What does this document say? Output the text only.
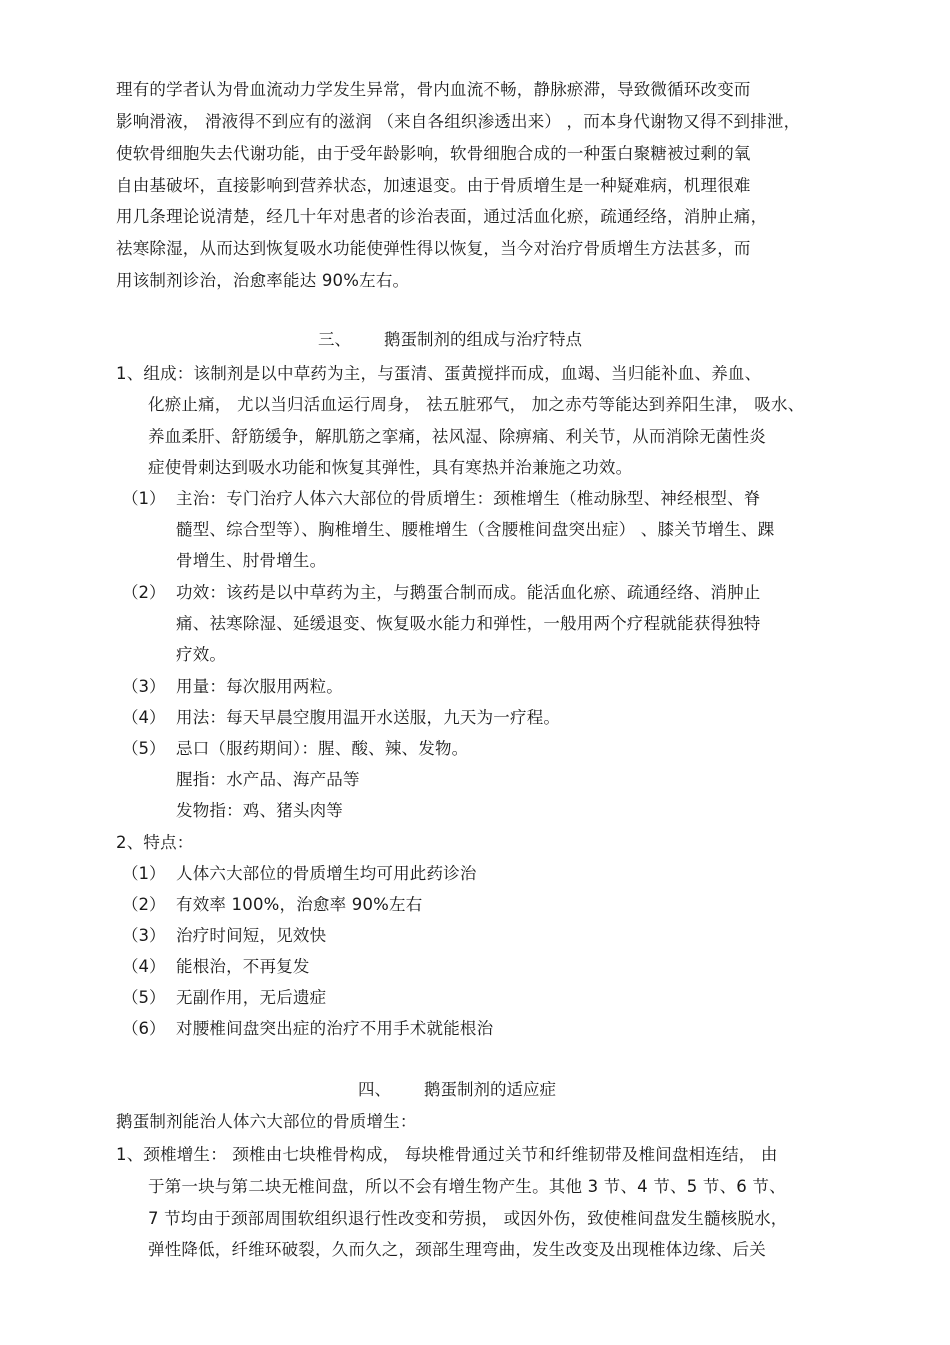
理有的学者认为骨血流动力学发生异常，骨内血流不畅，静脉瘀滞，导致微循环改变而
影响滑液， 滑液得不到应有的滋润 （来自各组织渗透出来） ，而本身代谢物又得不到排泄，
使软骨细胞失去代谢功能，由于受年龄影响，软骨细胞合成的一种蛋白聚糖被过剩的氧
自由基破坏，直接影响到营养状态，加速退变。由于骨质增生是一种疑难病，机理很难
用几条理论说清楚，经几十年对患者的诊治表面，通过活血化瘀，疏通经络，消肿止痛，
祛寒除湿，从而达到恢复吸水功能使弹性得以恢复，当今对治疗骨质增生方法甚多，而
用该制剂诊治，治愈率能达 90%左右。
三、 鹅蛋制剂的组成与治疗特点
1、组成：该制剂是以中草药为主，与蛋清、蛋黄搅拌而成，血竭、当归能补血、养血、
化瘀止痛， 尤以当归活血运行周身， 祛五脏邪气， 加之赤芍等能达到养阳生津， 吸水、
养血柔肝、舒筋缓争，解肌筋之挛痛，祛风湿、除痹痛、利关节，从而消除无菌性炎
症使骨刺达到吸水功能和恢复其弹性，具有寒热并治兼施之功效。
（1） 主治：专门治疗人体六大部位的骨质增生：颈椎增生（椎动脉型、神经根型、脊
髓型、综合型等）、胸椎增生、腰椎增生（含腰椎间盘突出症） 、膝关节增生、踝
骨增生、肘骨增生。
（2） 功效：该药是以中草药为主，与鹅蛋合制而成。能活血化瘀、疏通经络、消肿止
痛、祛寒除湿、延缓退变、恢复吸水能力和弹性，一般用两个疗程就能获得独特
疗效。
（3） 用量：每次服用两粒。
（4） 用法：每天早晨空腹用温开水送服，九天为一疗程。
（5） 忌口（服药期间）：腥、酸、辣、发物。
腥指：水产品、海产品等
发物指：鸡、猪头肉等
2、特点：
（1） 人体六大部位的骨质增生均可用此药诊治
（2） 有效率 100%，治愈率 90%左右
（3） 治疗时间短，见效快
（4） 能根治，不再复发
（5） 无副作用，无后遗症
（6） 对腰椎间盘突出症的治疗不用手术就能根治
四、 鹅蛋制剂的适应症
鹅蛋制剂能治人体六大部位的骨质增生：
1、颈椎增生： 颈椎由七块椎骨构成， 每块椎骨通过关节和纤维韧带及椎间盘相连结， 由
于第一块与第二块无椎间盘，所以不会有增生物产生。其他 3 节、4 节、5 节、6 节、
7 节均由于颈部周围软组织退行性改变和劳损， 或因外伤，致使椎间盘发生髓核脱水，
弹性降低，纤维环破裂，久而久之，颈部生理弯曲，发生改变及出现椎体边缘、后关
